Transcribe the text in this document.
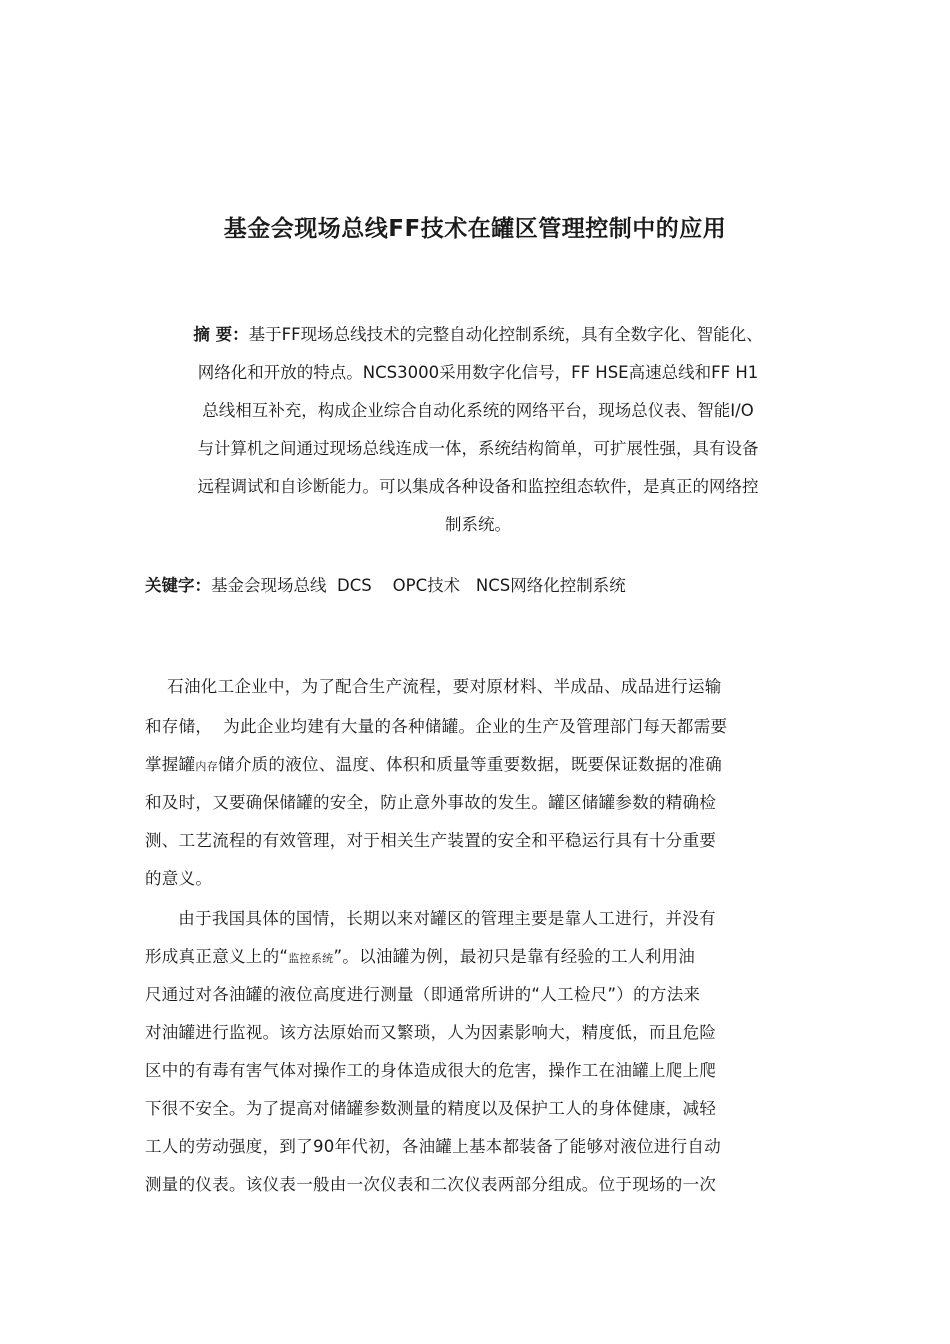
基金会现场总线FF技术在罐区管理控制中的应用
摘 要：基于FF现场总线技术的完整自动化控制系统，具有全数字化、智能化、
网络化和开放的特点。NCS3000采用数字化信号，FF HSE高速总线和FF H1
总线相互补充，构成企业综合自动化系统的网络平台，现场总仪表、智能I/O
与计算机之间通过现场总线连成一体，系统结构简单，可扩展性强，具有设备
远程调试和自诊断能力。可以集成各种设备和监控组态软件，是真正的网络控
制系统。
关键字：基金会现场总线  DCS    OPC技术   NCS网络化控制系统
石油化工企业中，为了配合生产流程，要对原材料、半成品、成品进行运输
和存储，  为此企业均建有大量的各种储罐。企业的生产及管理部门每天都需要
掌握罐内存储介质的液位、温度、体积和质量等重要数据，既要保证数据的准确
和及时，又要确保储罐的安全，防止意外事故的发生。罐区储罐参数的精确检
测、工艺流程的有效管理，对于相关生产装置的安全和平稳运行具有十分重要
的意义。
由于我国具体的国情，长期以来对罐区的管理主要是靠人工进行，并没有
形成真正意义上的“监控系统”。以油罐为例，最初只是靠有经验的工人利用油
尺通过对各油罐的液位高度进行测量（即通常所讲的“人工检尺”）的方法来
对油罐进行监视。该方法原始而又繁琐，人为因素影响大，精度低，而且危险
区中的有毒有害气体对操作工的身体造成很大的危害，操作工在油罐上爬上爬
下很不安全。为了提高对储罐参数测量的精度以及保护工人的身体健康，减轻
工人的劳动强度，到了90年代初，各油罐上基本都装备了能够对液位进行自动
测量的仪表。该仪表一般由一次仪表和二次仪表两部分组成。位于现场的一次
